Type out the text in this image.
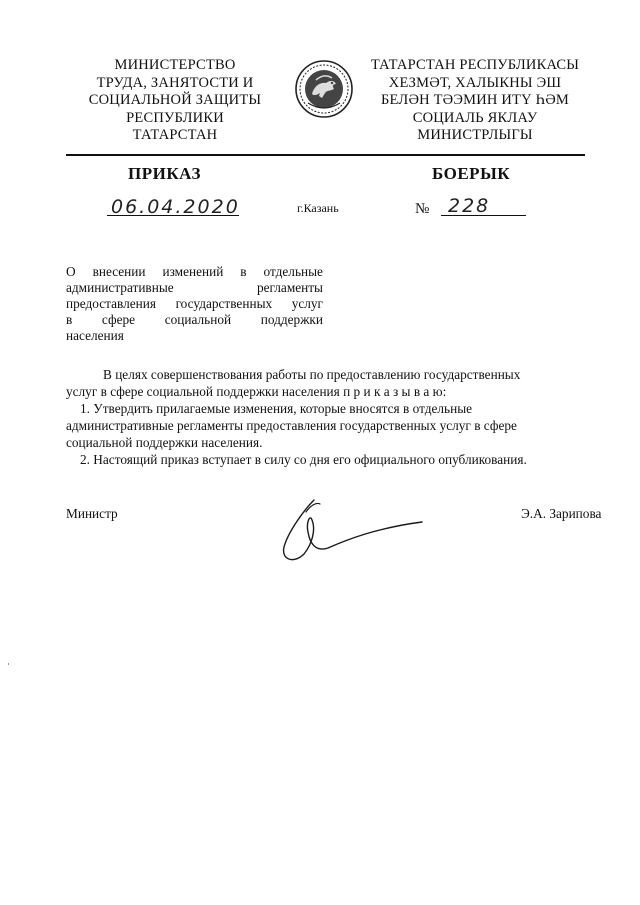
МИНИСТЕРСТВО
ТРУДА, ЗАНЯТОСТИ И
СОЦИАЛЬНОЙ ЗАЩИТЫ
РЕСПУБЛИКИ
ТАТАРСТАН
ТАТАРСТАН РЕСПУБЛИКАСЫ
ХЕЗМӘТ, ХАЛЫКНЫ ЭШ
БЕЛӘН ТӘЭМИН ИТҮ ҺӘМ
СОЦИАЛЬ ЯКЛАУ
МИНИСТРЛЫГЫ
ПРИКАЗ	БОЕРЫК
06.04.2020	г.Казань	№ 228
О внесении изменений в отдельные
административные	регламенты
предоставления государственных услуг
в сфере социальной поддержки
населения
В целях совершенствования работы по предоставлению государственных
услуг в сфере социальной поддержки населения п р и к а з ы в а ю:
1. Утвердить прилагаемые изменения, которые вносятся в отдельные
административные регламенты предоставления государственных услуг в сфере
социальной поддержки населения.
2. Настоящий приказ вступает в силу со дня его официального опубликования.
Министр	Э.А. Зарипова
